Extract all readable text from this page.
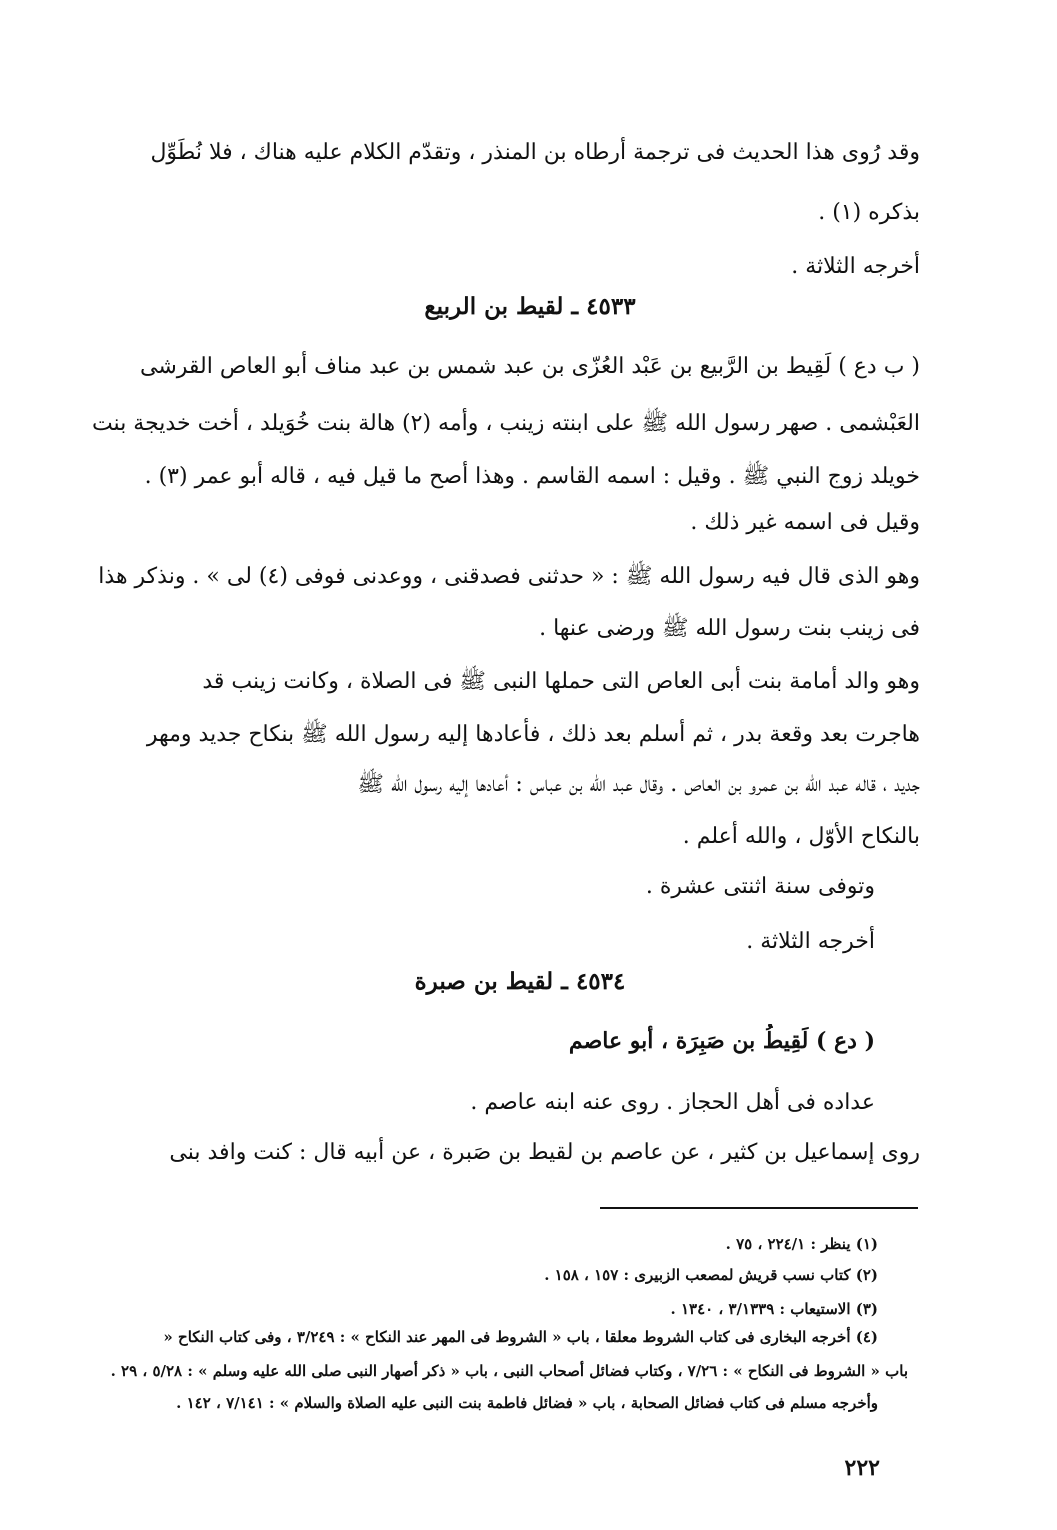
وقد رُوى هذا الحديث فى ترجمة أرطاه بن المنذر ، وتقدّم الكلام عليه هناك ، فلا نُطَوِّل
بذكره (١) .
أخرجه الثلاثة .
٤٥٣٣ ـ لقيط بن الربيع
( ب دع ) لَقِيط بن الرَّبيع بن عَبْد العُزّى بن عبد شمس بن عبد مناف أبو العاص القرشى
العَبْشمى . صهر رسول الله ﷺ على ابنته زينب ، وأمه (٢) هالة بنت خُوَيلد ، أخت خديجة بنت
خويلد زوج النبي ﷺ . وقيل : اسمه القاسم . وهذا أصح ما قيل فيه ، قاله أبو عمر (٣) .
وقيل فى اسمه غير ذلك .
وهو الذى قال فيه رسول الله ﷺ : « حدثنى فصدقنى ، ووعدنى فوفى (٤) لى » . ونذكر هذا
فى زينب بنت رسول الله ﷺ ورضى عنها .
وهو والد أمامة بنت أبى العاص التى حملها النبى ﷺ فى الصلاة ، وكانت زينب قد
هاجرت بعد وقعة بدر ، ثم أسلم بعد ذلك ، فأعادها إليه رسول الله ﷺ بنكاح جديد ومهر
جديد ، قاله عبد الله بن عمرو بن العاص . وقال عبد الله بن عباس : أعادها إليه رسول الله ﷺ
بالنكاح الأوّل ، والله أعلم .
وتوفى سنة اثنتى عشرة .
أخرجه الثلاثة .
٤٥٣٤ ـ لقيط بن صبرة
( دع ) لَقِيطُ بن صَبِرَة ، أبو عاصم
عداده فى أهل الحجاز . روى عنه ابنه عاصم .
روى إسماعيل بن كثير ، عن عاصم بن لقيط بن صَبرة ، عن أبيه قال : كنت وافد بنى
(١) ينظر : ٢٢٤/١ ، ٧٥ .
(٢) كتاب نسب قريش لمصعب الزبيرى : ١٥٧ ، ١٥٨ .
(٣) الاستيعاب : ٣/١٣٣٩ ، ١٣٤٠ .
(٤) أخرجه البخارى فى كتاب الشروط معلقا ، باب « الشروط فى المهر عند النكاح » : ٣/٢٤٩ ، وفى كتاب النكاح «
باب « الشروط فى النكاح » : ٧/٢٦ ، وكتاب فضائل أصحاب النبى ، باب « ذكر أصهار النبى صلى الله عليه وسلم » : ٥/٢٨ ، ٢٩ .
وأخرجه مسلم فى كتاب فضائل الصحابة ، باب « فضائل فاطمة بنت النبى عليه الصلاة والسلام » : ٧/١٤١ ، ١٤٢ .
٢٢٢
